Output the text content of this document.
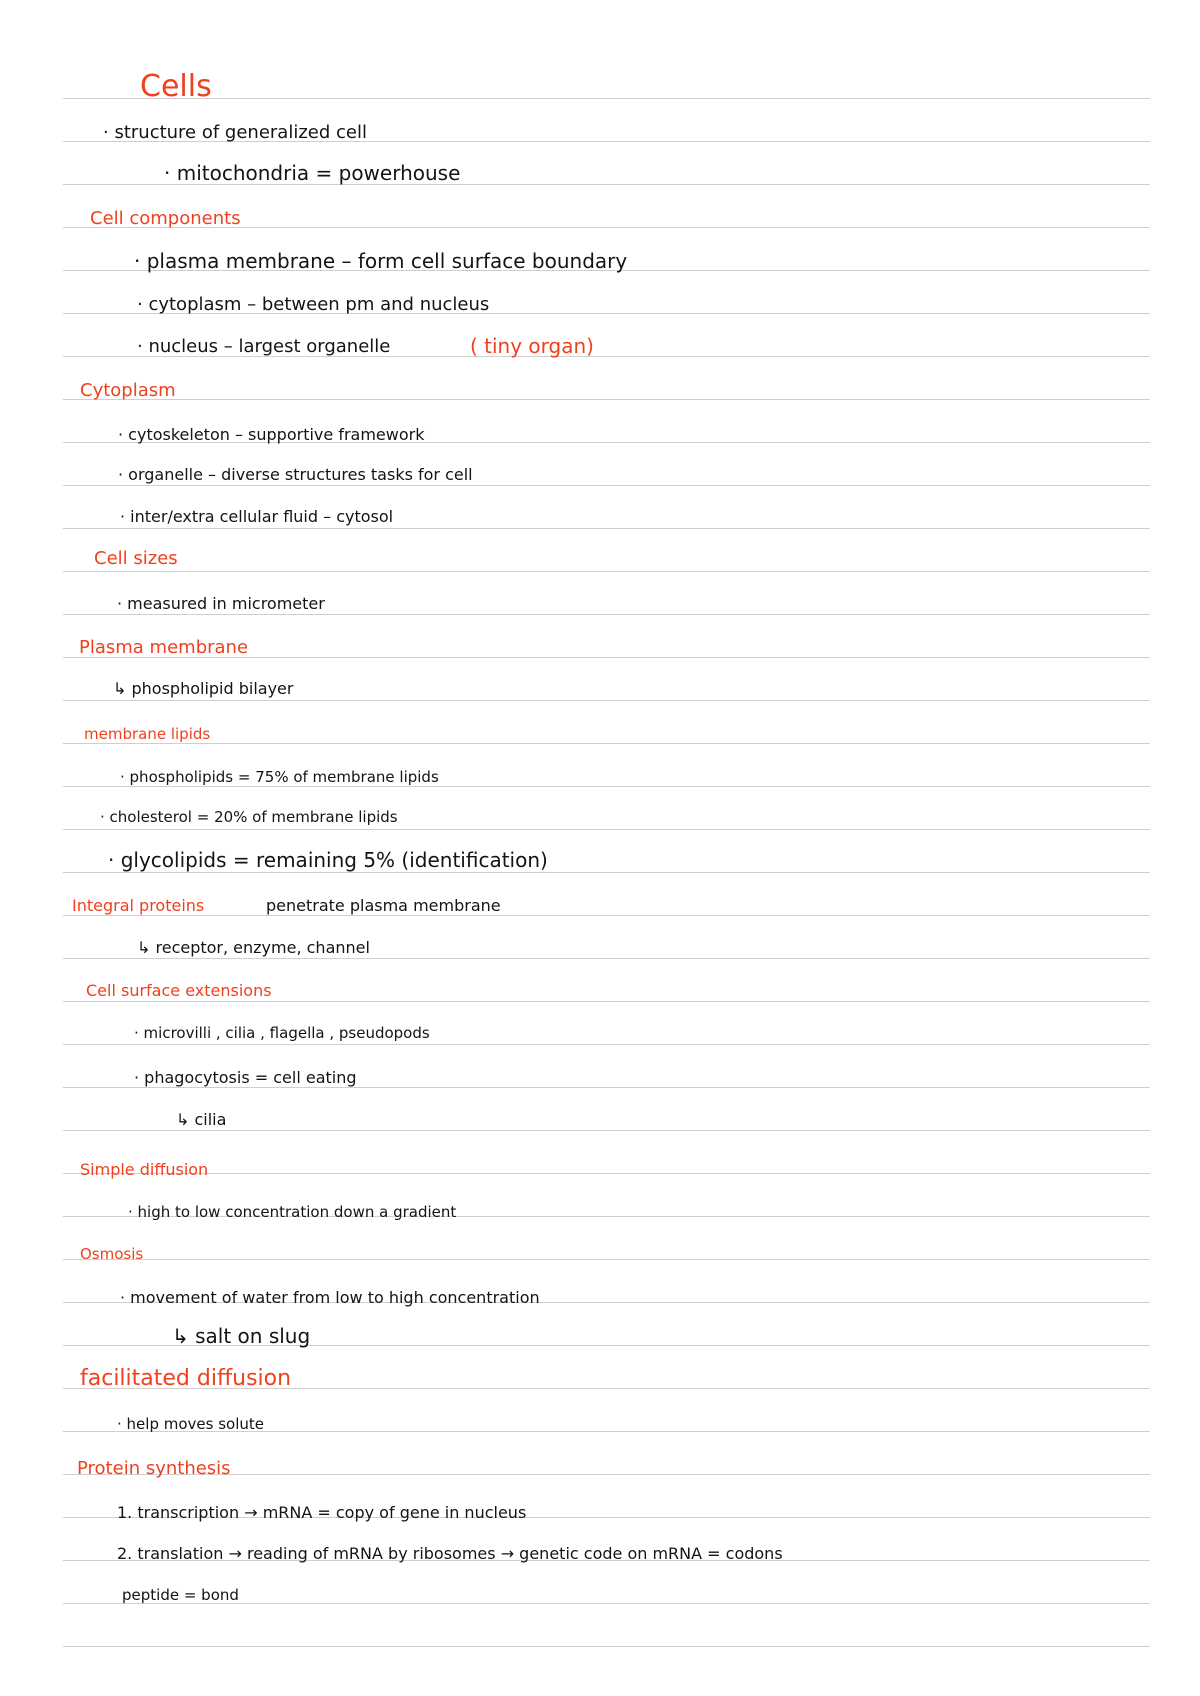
Cells
· structure of generalized cell
· mitochondria = powerhouse
Cell components
· plasma membrane – form cell surface boundary
· cytoplasm – between pm and nucleus
· nucleus – largest organelle	( tiny organ)
Cytoplasm
· cytoskeleton – supportive framework
· organelle – diverse structures tasks for cell
· inter/extra cellular fluid – cytosol
Cell sizes
· measured in micrometer
Plasma membrane
↳ phospholipid bilayer
membrane lipids
· phospholipids = 75% of membrane lipids
· cholesterol = 20% of membrane lipids
· glycolipids = remaining 5% (identification)
Integral proteins	penetrate plasma membrane
↳ receptor, enzyme, channel
Cell surface extensions
· microvilli , cilia , flagella , pseudopods
· phagocytosis = cell eating
↳ cilia
Simple diffusion
· high to low concentration down a gradient
Osmosis
· movement of water from low to high concentration
↳ salt on slug
facilitated diffusion
· help moves solute
Protein synthesis
1. transcription → mRNA = copy of gene in nucleus
2. translation → reading of mRNA by ribosomes → genetic code on mRNA = codons
peptide = bond
